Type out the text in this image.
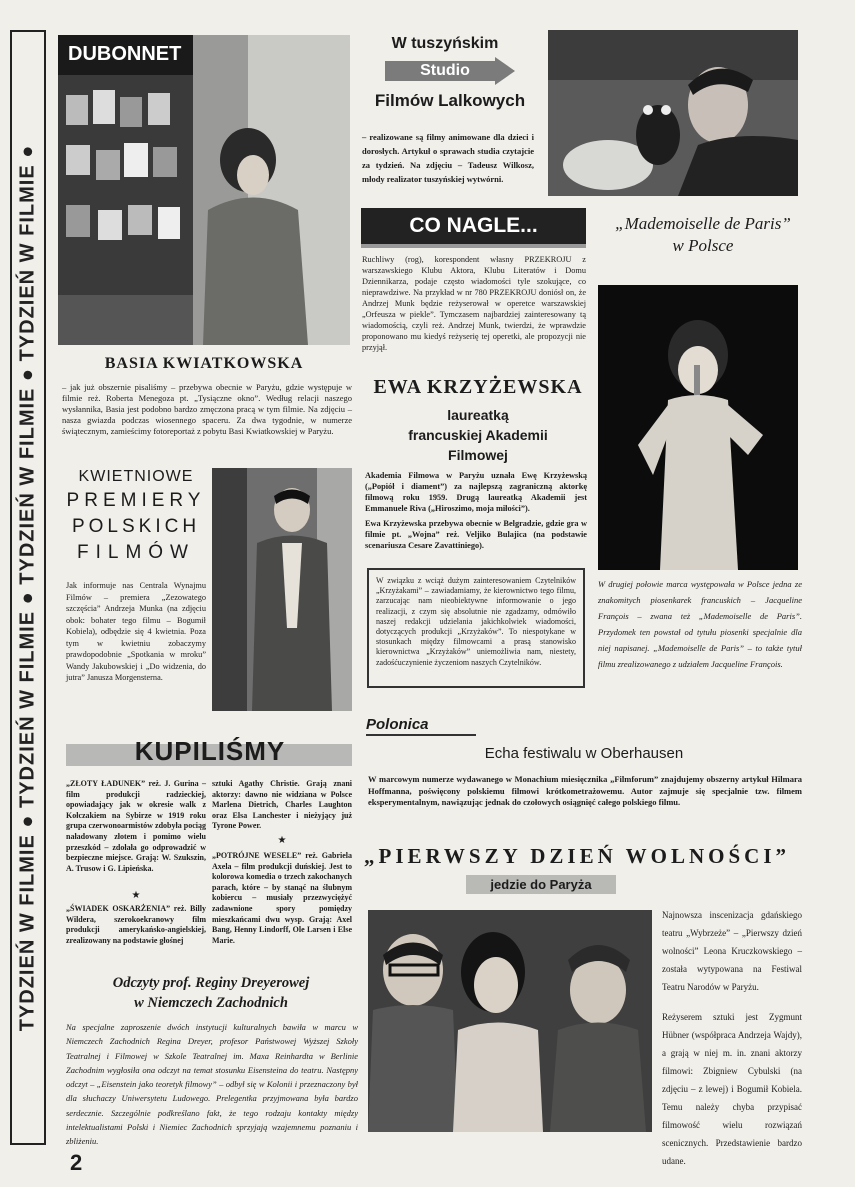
TYDZIEŃ W FILMIE ● TYDZIEŃ W FILMIE ● TYDZIEŃ W FILMIE ● TYDZIEŃ W FILMIE ●
DUBONNET	W tuszyńskim
Studio
Filmów Lalkowych
– realizowane są filmy animowane dla dzieci i dorosłych. Artykuł o sprawach studia czytajcie za tydzień. Na zdjęciu – Tadeusz Wilkosz, młody realizator tuszyńskiej wytwórni.
CO NAGLE...
Ruchliwy (rog), korespondent własny PRZEKROJU z warszawskiego Klubu Aktora, Klubu Literatów i Domu Dziennikarza, podaje często wiadomości tyle szokujące, co nieprawdziwe. Na przykład w nr 780 PRZEKROJU doniósł on, że Andrzej Munk będzie reżyserował w operetce warszawskiej „Orfeusza w piekle”. Tymczasem najbardziej zainteresowany tą wiadomością, czyli reż. Andrzej Munk, twierdzi, że wprawdzie proponowano mu kiedyś reżyserię tej operetki, ale propozycji nie przyjął.
„Mademoiselle de Paris”
w Polsce
W drugiej połowie marca występowała w Polsce jedna ze znakomitych piosenkarek francuskich – Jacqueline François – zwana też „Mademoiselle de Paris”. Przydomek ten powstał od tytułu piosenki specjalnie dla niej napisanej. „Mademoiselle de Paris” – to także tytuł filmu zrealizowanego z udziałem Jacqueline François.
BASIA KWIATKOWSKA
– jak już obszernie pisaliśmy – przebywa obecnie w Paryżu, gdzie występuje w filmie reż. Roberta Menegoza pt. „Tysiączne okno”. Według relacji naszego wysłannika, Basia jest podobno bardzo zmęczona pracą w tym filmie. Na zdjęciu – nasza gwiazda podczas wiosennego spaceru. Za dwa tygodnie, w numerze świątecznym, zamieścimy fotoreportaż z pobytu Basi Kwiatkowskiej w Paryżu.
EWA KRZYŻEWSKA
laureatką
francuskiej Akademii
Filmowej
Akademia Filmowa w Paryżu uznała Ewę Krzyżewską („Popiół i diament”) za najlepszą zagraniczną aktorkę filmową roku 1959. Drugą laureatką Akademii jest Emmanuele Riva („Hiroszimo, moja miłości”).
Ewa Krzyżewska przebywa obecnie w Belgradzie, gdzie gra w filmie pt. „Wojna” reż. Veljiko Bulajica (na podstawie scenariusza Cesare Zavattiniego).
W związku z wciąż dużym zainteresowaniem Czytelników „Krzyżakami” – zawiadamiamy, że kierownictwo tego filmu, zarzucając nam nieobiektywne informowanie o jego realizacji, z czym się absolutnie nie zgadzamy, odmówiło naszej redakcji udzielania jakichkolwiek wiadomości, dotyczących produkcji „Krzyżaków”. To niespotykane w stosunkach między filmowcami a prasą stanowisko kierownictwa „Krzyżaków” uniemożliwia nam, niestety, zadośćuczynienie życzeniom naszych Czytelników.
KWIETNIOWE
PREMIERY
POLSKICH
FILMÓW
Jak informuje nas Centrala Wynajmu Filmów – premiera „Zezowatego szczęścia” Andrzeja Munka (na zdjęciu obok: bohater tego filmu – Bogumił Kobiela), odbędzie się 4 kwietnia. Poza tym w kwietniu zobaczymy prawdopodobnie „Spotkania w mroku” Wandy Jakubowskiej i „Do widzenia, do jutra” Janusza Morgensterna.
KUPILIŚMY
„ZŁOTY ŁADUNEK” reż. J. Gurina – film produkcji radzieckiej, opowiadający jak w okresie walk z Kołczakiem na Sybirze w 1919 roku grupa czerwonoarmistów zdobyła pociąg naładowany złotem i pomimo wielu przeszkód – zdołała go odprowadzić w bezpieczne miejsce. Grają: W. Szukszin, A. Trusow i G. Lipieńska.
„ŚWIADEK OSKARŻENIA” reż. Billy Wildera, szerokoekranowy film produkcji amerykańsko-angielskiej, zrealizowany na podstawie głośnej
sztuki Agathy Christie. Grają znani aktorzy: dawno nie widziana w Polsce Marlena Dietrich, Charles Laughton oraz Elsa Lanchester i nieżyjący już Tyrone Power.
★
„POTRÓJNE WESELE” reż. Gabriela Axela – film produkcji duńskiej. Jest to kolorowa komedia o trzech zakochanych parach, które – by stanąć na ślubnym kobiercu – musiały przezwyciężyć zadawnione spory pomiędzy mieszkańcami dwu wysp. Grają: Axel Bang, Henny Lindorff, Ole Larsen i Else Marie.
★
Polonica
Echa festiwalu w Oberhausen
W marcowym numerze wydawanego w Monachium miesięcznika „Filmforum” znajdujemy obszerny artykuł Hilmara Hoffmanna, poświęcony polskiemu filmowi krótkometrażowemu. Autor zajmuje się specjalnie tzw. filmem eksperymentalnym, nawiązując jednak do czołowych osiągnięć całego polskiego filmu.
„PIERWSZY DZIEŃ WOLNOŚCI”
jedzie do Paryża
Najnowsza inscenizacja gdańskiego teatru „Wybrzeże” – „Pierwszy dzień wolności” Leona Kruczkowskiego – została wytypowana na Festiwal Teatru Narodów w Paryżu.
Reżyserem sztuki jest Zygmunt Hübner (współpraca Andrzeja Wajdy), a grają w niej m. in. znani aktorzy filmowi: Zbigniew Cybulski (na zdjęciu – z lewej) i Bogumił Kobiela. Temu należy chyba przypisać filmowość wielu rozwiązań scenicznych. Przedstawienie bardzo udane.
Odczyty prof. Reginy Dreyerowej
w Niemczech Zachodnich
Na specjalne zaproszenie dwóch instytucji kulturalnych bawiła w marcu w Niemczech Zachodnich Regina Dreyer, profesor Państwowej Wyższej Szkoły Teatralnej i Filmowej w Szkole Teatralnej im. Maxa Reinhardta w Berlinie Zachodnim wygłosiła ona odczyt na temat stosunku Eisensteina do teatru. Następny odczyt – „Eisenstein jako teoretyk filmowy” – odbył się w Kolonii i przeznaczony był dla słuchaczy Uniwersytetu Ludowego. Prelegentka przyjmowana była bardzo serdecznie. Szczególnie podkreślano fakt, że tego rodzaju kontakty między intelektualistami Polski i Niemiec Zachodnich sprzyjają wzajemnemu poznaniu i zbliżeniu.
2
